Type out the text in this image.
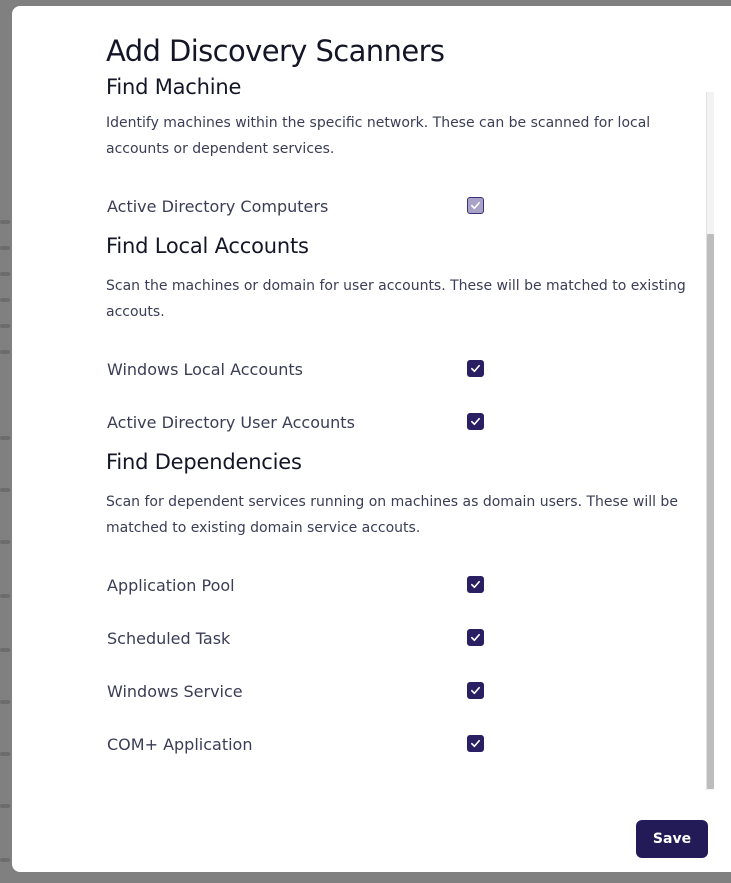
Add Discovery Scanners
Find Machine
Identify machines within the specific network. These can be scanned for local accounts or dependent services.
Active Directory Computers
Find Local Accounts
Scan the machines or domain for user accounts. These will be matched to existing accouts.
Windows Local Accounts
Active Directory User Accounts
Find Dependencies
Scan for dependent services running on machines as domain users. These will be matched to existing domain service accouts.
Application Pool
Scheduled Task
Windows Service
COM+ Application
Save
